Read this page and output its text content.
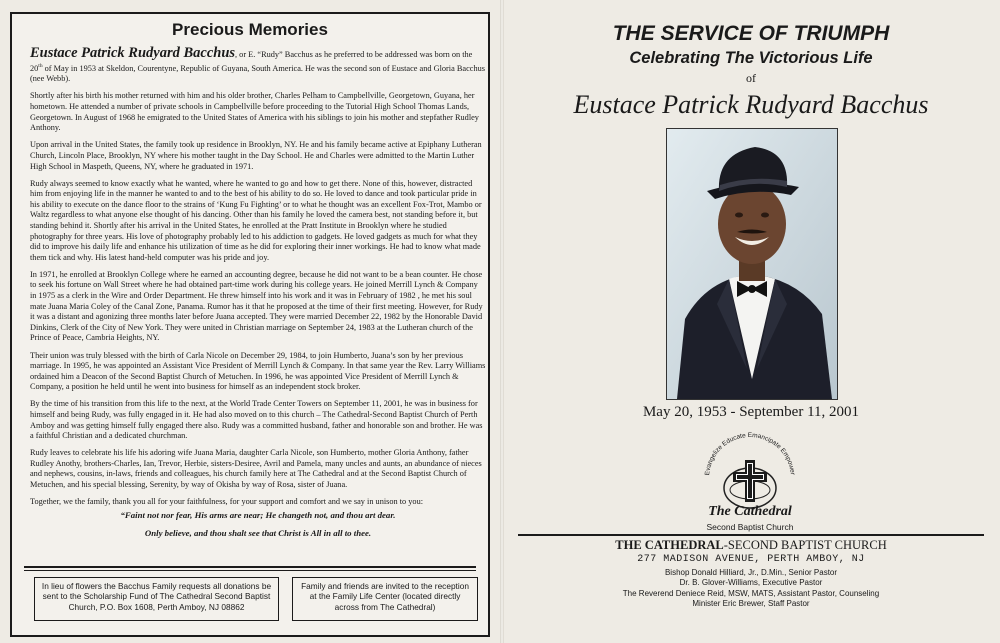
Precious Memories

Eustace Patrick Rudyard Bacchus, or E. “Rudy” Bacchus as he preferred to be addressed was born on the 20th of May in 1953 at Skeldon, Courentyne, Republic of Guyana, South America. He was the second son of Eustace and Gloria Bacchus (nee Webb).

Shortly after his birth his mother returned with him and his older brother, Charles Pelham to Campbellville, Georgetown, Guyana, her hometown. He attended a number of private schools in Campbellville before proceeding to the Tutorial High School Thomas Lands, Georgetown. In August of 1968 he emigrated to the United States of America with his siblings to join his mother and stepfather Rudley Anthony.

Upon arrival in the United States, the family took up residence in Brooklyn, NY. He and his family became active at Epiphany Lutheran Church, Lincoln Place, Brooklyn, NY where his mother taught in the Day School. He and Charles were admitted to the Martin Luther High School in Maspeth, Queens, NY, where he graduated in 1971.

Rudy always seemed to know exactly what he wanted, where he wanted to go and how to get there. None of this, however, distracted him from enjoying life in the manner he wanted to and to the best of his ability to do so. He loved to dance and took particular pride in his ability to execute on the dance floor to the strains of ‘Kung Fu Fighting’ or to what he thought was an excellent Fox-Trot, Mambo or Waltz regardless to what anyone else thought of his dancing. Other than his family he loved the camera best, not standing before it, but standing behind it. Shortly after his arrival in the United States, he enrolled at the Pratt Institute in Brooklyn where he studied photography for three years. His love of photography probably led to his addiction to gadgets. He loved gadgets as much for what they did to improve his daily life and enhance his utilization of time as he did for exploring their inner workings. He had to know what made them tick and why. His latest hand-held computer was his pride and joy.

In 1971, he enrolled at Brooklyn College where he earned an accounting degree, because he did not want to be a bean counter. He chose to seek his fortune on Wall Street where he had obtained part-time work during his college years. He joined Merrill Lynch & Company in 1975 as a clerk in the Wire and Order Department. He threw himself into his work and it was in February of 1982 , he met his soul mate Juana Maria Coley of the Canal Zone, Panama. Rumor has it that he proposed at the time of their first meeting. However, for Rudy it was a distant and agonizing three months later before Juana accepted. They were married December 22, 1982 by the Honorable David Dinkins, Clerk of the City of New York. They were united in Christian marriage on September 24, 1983 at the Lutheran church of the Prince of Peace, Cambria Heights, NY.

Their union was truly blessed with the birth of Carla Nicole on December 29, 1984, to join Humberto, Juana’s son by her previous marriage. In 1995, he was appointed an Assistant Vice President of Merrill Lynch & Company. In that same year the Rev. Larry Williams ordained him a Deacon of the Second Baptist Church of Metuchen. In 1996, he was appointed Vice President of Merrill Lynch & Company, a position he held until he went into business for himself as an independent stock broker.

By the time of his transition from this life to the next, at the World Trade Center Towers on September 11, 2001, he was in business for himself and being Rudy, was fully engaged in it. He had also moved on to this church – The Cathedral-Second Baptist Church of Perth Amboy and was getting himself fully engaged there also. Rudy was a committed husband, father and honorable son and brother. He was a faithful Christian and a dedicated churchman.

Rudy leaves to celebrate his life his adoring wife Juana Maria, daughter Carla Nicole, son Humberto, mother Gloria Anthony, father Rudley Anothy, brothers-Charles, Ian, Trevor, Herbie, sisters-Desiree, Avril and Pamela, many uncles and aunts, an abundance of nieces and nephews, cousins, in-laws, friends and colleagues, his church family here at The Cathedral and at the Second Baptist Church of Metuchen, and his special blessing, Serenity, by way of Okisha by way of Rosa, sister of Juana.

Together, we the family, thank you all for your faithfulness, for your support and comfort and we say in unison to you:

“Faint not nor fear, His arms are near; He changeth not, and thou art dear.

Only believe, and thou shalt see that Christ is All in all to thee.

In lieu of flowers the Bacchus Family requests all donations be sent to the Scholarship Fund of The Cathedral Second Baptist Church, P.O. Box 1608, Perth Amboy, NJ 08862
Family and friends are invited to the reception at the Family Life Center (located directly across from The Cathedral)
THE SERVICE OF TRIUMPH
Celebrating The Victorious Life
of
Eustace Patrick Rudyard Bacchus
May 20, 1953 - September 11, 2001
Evangelize Educate Emancipate Empower
The Cathedral
Second Baptist Church
THE CATHEDRAL-SECOND BAPTIST CHURCH
277 MADISON AVENUE, PERTH AMBOY, NJ
Bishop Donald Hilliard, Jr., D.Min., Senior Pastor
Dr. B. Glover-Williams, Executive Pastor
The Reverend Deniece Reid, MSW, MATS, Assistant Pastor, Counseling
Minister Eric Brewer, Staff Pastor
